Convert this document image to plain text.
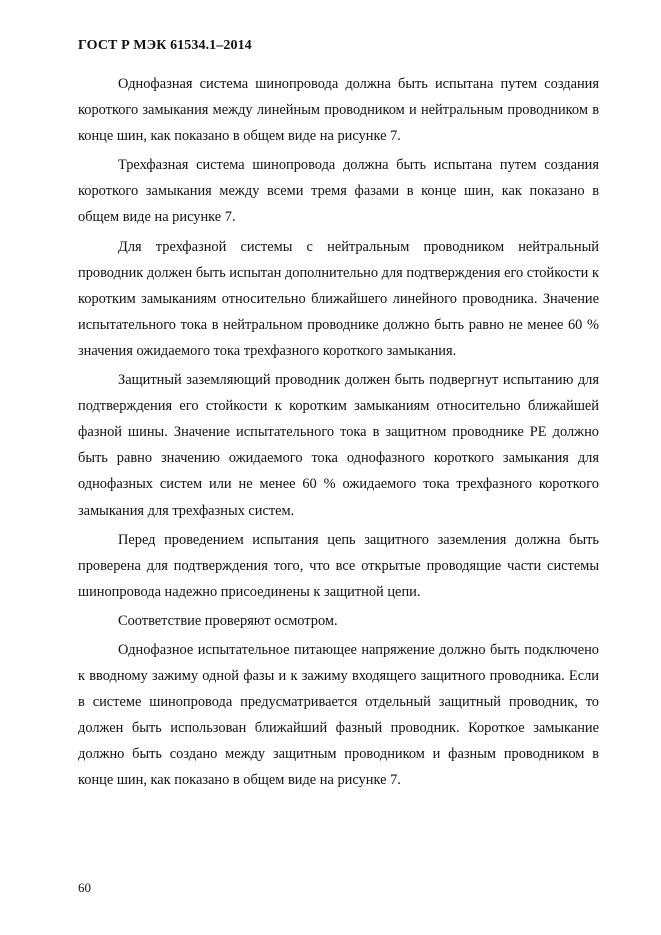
ГОСТ Р МЭК 61534.1–2014

Однофазная система шинопровода должна быть испытана путем создания короткого замыкания между линейным проводником и нейтральным проводником в конце шин, как показано в общем виде на рисунке 7.

Трехфазная система шинопровода должна быть испытана путем создания короткого замыкания между всеми тремя фазами в конце шин, как показано в общем виде на рисунке 7.

Для трехфазной системы с нейтральным проводником нейтральный проводник должен быть испытан дополнительно для подтверждения его стойкости к коротким замыканиям относительно ближайшего линейного проводника. Значение испытательного тока в нейтральном проводнике должно быть равно не менее 60 % значения ожидаемого тока трехфазного короткого замыкания.

Защитный заземляющий проводник должен быть подвергнут испытанию для подтверждения его стойкости к коротким замыканиям относительно ближайшей фазной шины. Значение испытательного тока в защитном проводнике PE должно быть равно значению ожидаемого тока однофазного короткого замыкания для однофазных систем или не менее 60 % ожидаемого тока трехфазного короткого замыкания для трехфазных систем.

Перед проведением испытания цепь защитного заземления должна быть проверена для подтверждения того, что все открытые проводящие части системы шинопровода надежно присоединены к защитной цепи.

Соответствие проверяют осмотром.

Однофазное испытательное питающее напряжение должно быть подключено к вводному зажиму одной фазы и к зажиму входящего защитного проводника. Если в системе шинопровода предусматривается отдельный защитный проводник, то должен быть использован ближайший фазный проводник. Короткое замыкание должно быть создано между защитным проводником и фазным проводником в конце шин, как показано в общем виде на рисунке 7.

60
